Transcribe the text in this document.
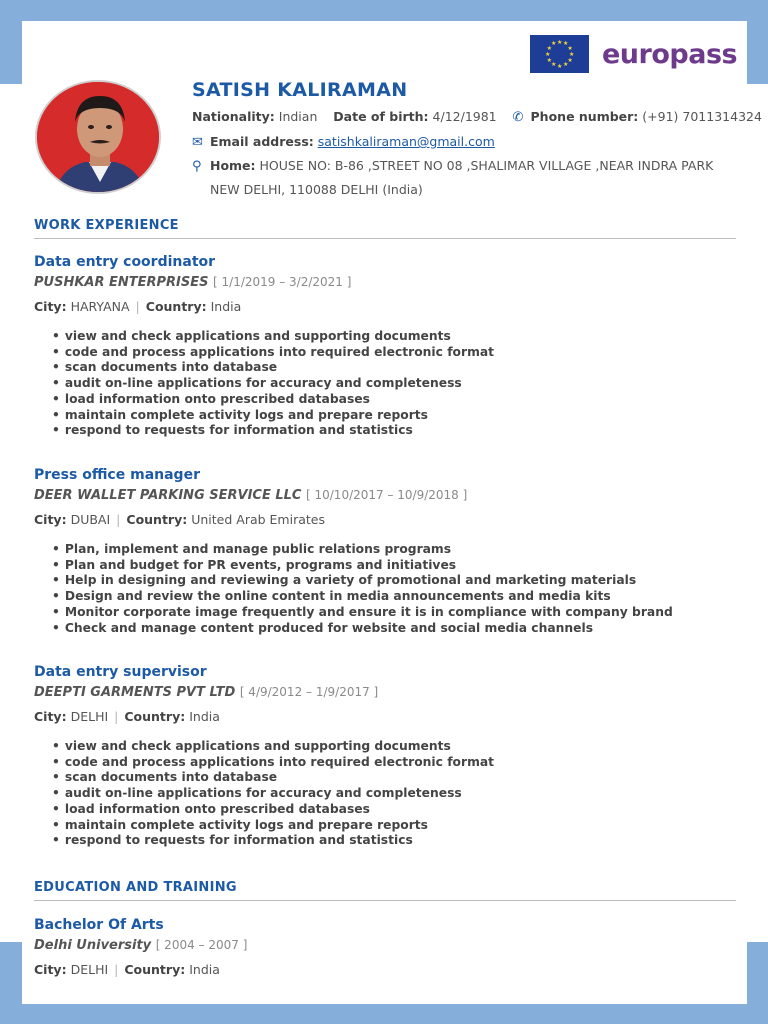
★ ★
★
★
★
★
★
★
★
★
★
★ europass
SATISH KALIRAMAN
Nationality: Indian Date of birth: 4/12/1981 ✆ Phone number: (+91) 7011314324
✉ Email address: satishkaliraman@gmail.com
⚲ Home: HOUSE NO: B-86 ,STREET NO 08 ,SHALIMAR VILLAGE ,NEAR INDRA PARK
NEW DELHI, 110088 DELHI (India)
WORK EXPERIENCE
Data entry coordinator
PUSHKAR ENTERPRISES [ 1/1/2019 – 3/2/2021 ]
City: HARYANA | Country: India
• view and check applications and supporting documents
• code and process applications into required electronic format
• scan documents into database
• audit on-line applications for accuracy and completeness
• load information onto prescribed databases
• maintain complete activity logs and prepare reports
• respond to requests for information and statistics
Press office manager
DEER WALLET PARKING SERVICE LLC [ 10/10/2017 – 10/9/2018 ]
City: DUBAI | Country: United Arab Emirates
• Plan, implement and manage public relations programs
• Plan and budget for PR events, programs and initiatives
• Help in designing and reviewing a variety of promotional and marketing materials
• Design and review the online content in media announcements and media kits
• Monitor corporate image frequently and ensure it is in compliance with company brand
• Check and manage content produced for website and social media channels
Data entry supervisor
DEEPTI GARMENTS PVT LTD [ 4/9/2012 – 1/9/2017 ]
City: DELHI | Country: India
• view and check applications and supporting documents
• code and process applications into required electronic format
• scan documents into database
• audit on-line applications for accuracy and completeness
• load information onto prescribed databases
• maintain complete activity logs and prepare reports
• respond to requests for information and statistics
EDUCATION AND TRAINING
Bachelor Of Arts
Delhi University [ 2004 – 2007 ]
City: DELHI | Country: India
